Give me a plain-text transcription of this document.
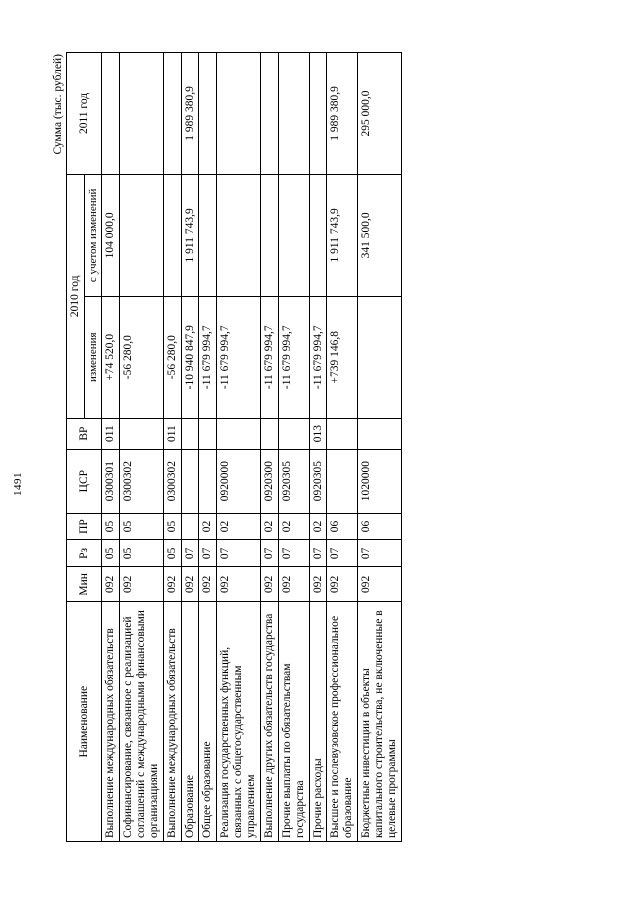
1491
Сумма (тыс. рублей)
Наименование	Мин	Рз	ПР	ЦСР	ВР	2010 год		2011 год
						изменения	с учетом изменений	
Выполнение международных обязательств	092	05	05	0300301	011	+74 520,0	104 000,0	
Софинансирование, связанное с реализацией соглашений с международными финансовыми организациями	092	05	05	0300302		-56 280,0		
Выполнение международных обязательств	092	05	05	0300302	011	-56 280,0		
Образование	092	07				-10 940 847,9	1 911 743,9	1 989 380,9
Общее образование	092	07	02			-11 679 994,7		
Реализация государственных функций, связанных с общегосударственным управлением	092	07	02	0920000		-11 679 994,7		
Выполнение других обязательств государства	092	07	02	0920300		-11 679 994,7		
Прочие выплаты по обязательствам государства	092	07	02	0920305		-11 679 994,7		
Прочие расходы	092	07	02	0920305	013	-11 679 994,7		
Высшее и послевузовское профессиональное образование	092	07	06			+739 146,8	1 911 743,9	1 989 380,9
Бюджетные инвестиции в объекты капитального строительства, не включенные в целевые программы	092	07	06	1020000			341 500,0	295 000,0
